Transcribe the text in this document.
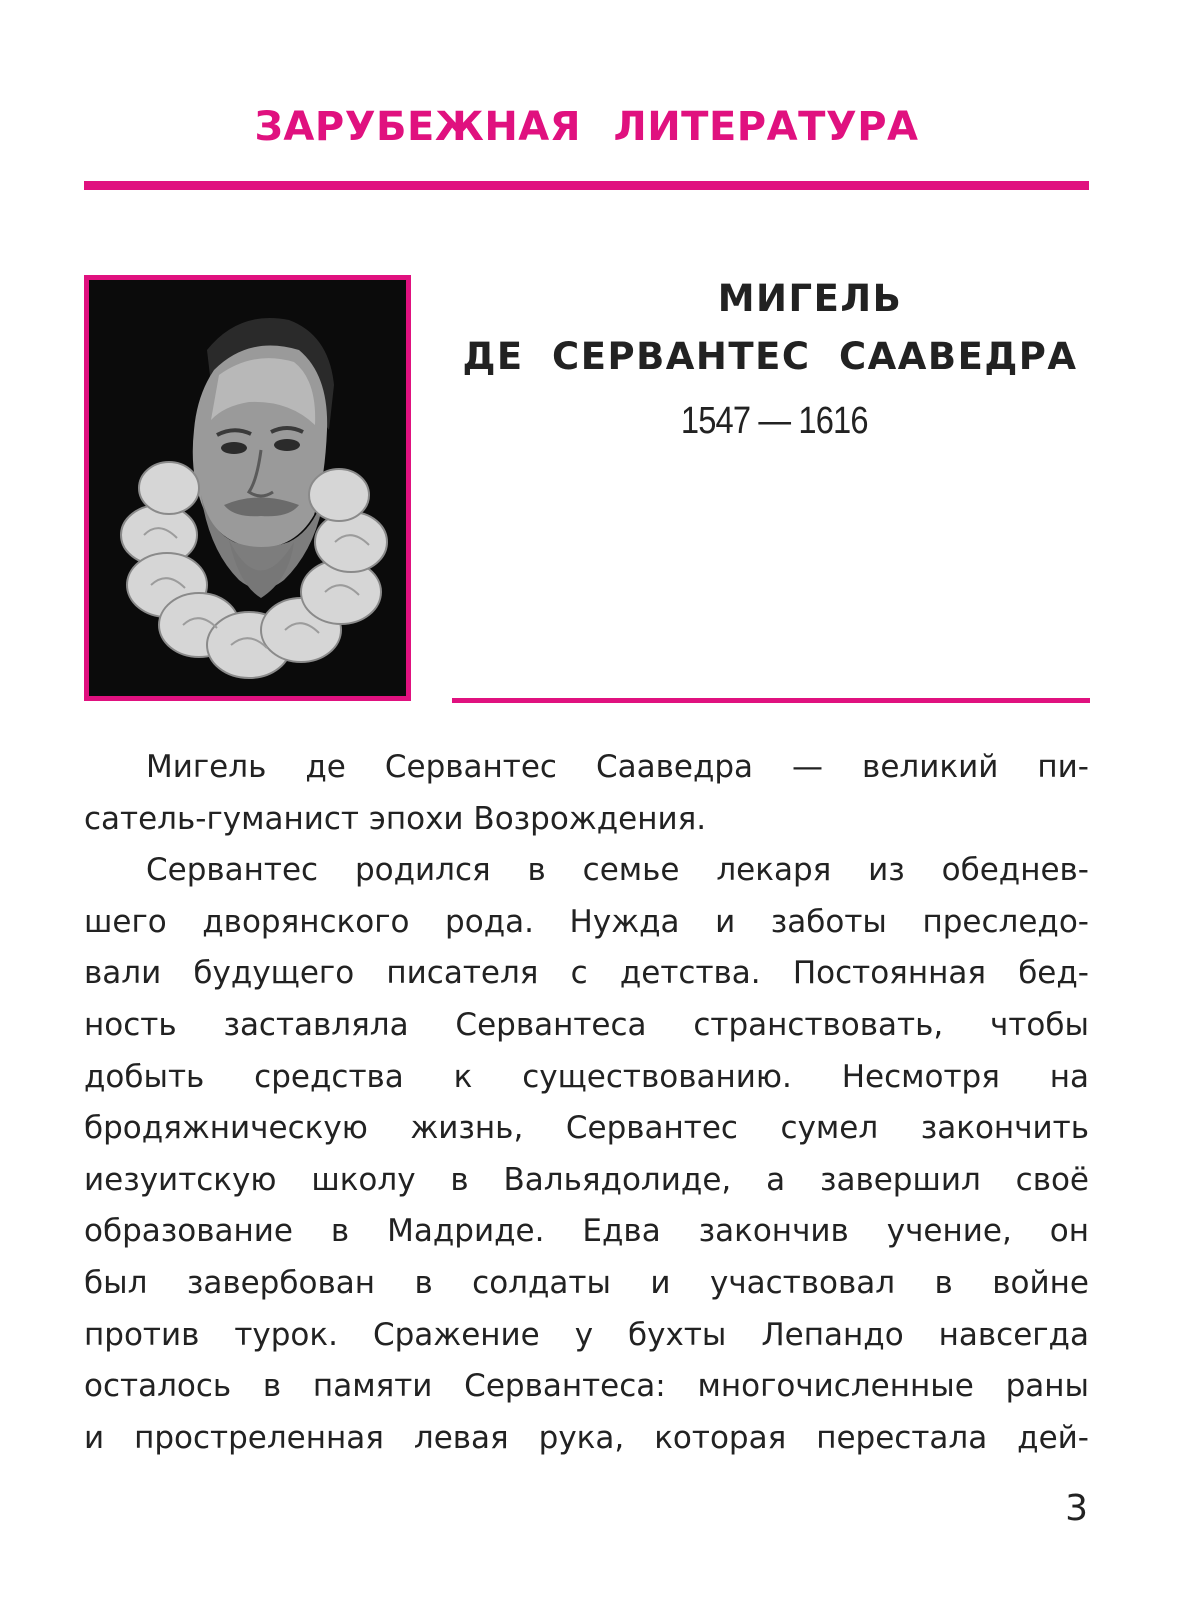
ЗАРУБЕЖНАЯ ЛИТЕРАТУРА
МИГЕЛЬ
ДЕ СЕРВАНТЕС СААВЕДРА
1547 — 1616
Мигель де Сервантес Сааведра — великий пи-
сатель-гуманист эпохи Возрождения.
Сервантес родился в семье лекаря из обеднев-
шего дворянского рода. Нужда и заботы преследо-
вали будущего писателя с детства. Постоянная бед-
ность заставляла Сервантеса странствовать, чтобы
добыть средства к существованию. Несмотря на
бродяжническую жизнь, Сервантес сумел закончить
иезуитскую школу в Вальядолиде, а завершил своё
образование в Мадриде. Едва закончив учение, он
был завербован в солдаты и участвовал в войне
против турок. Сражение у бухты Лепандо навсегда
осталось в памяти Сервантеса: многочисленные раны
и простреленная левая рука, которая перестала дей-
3
